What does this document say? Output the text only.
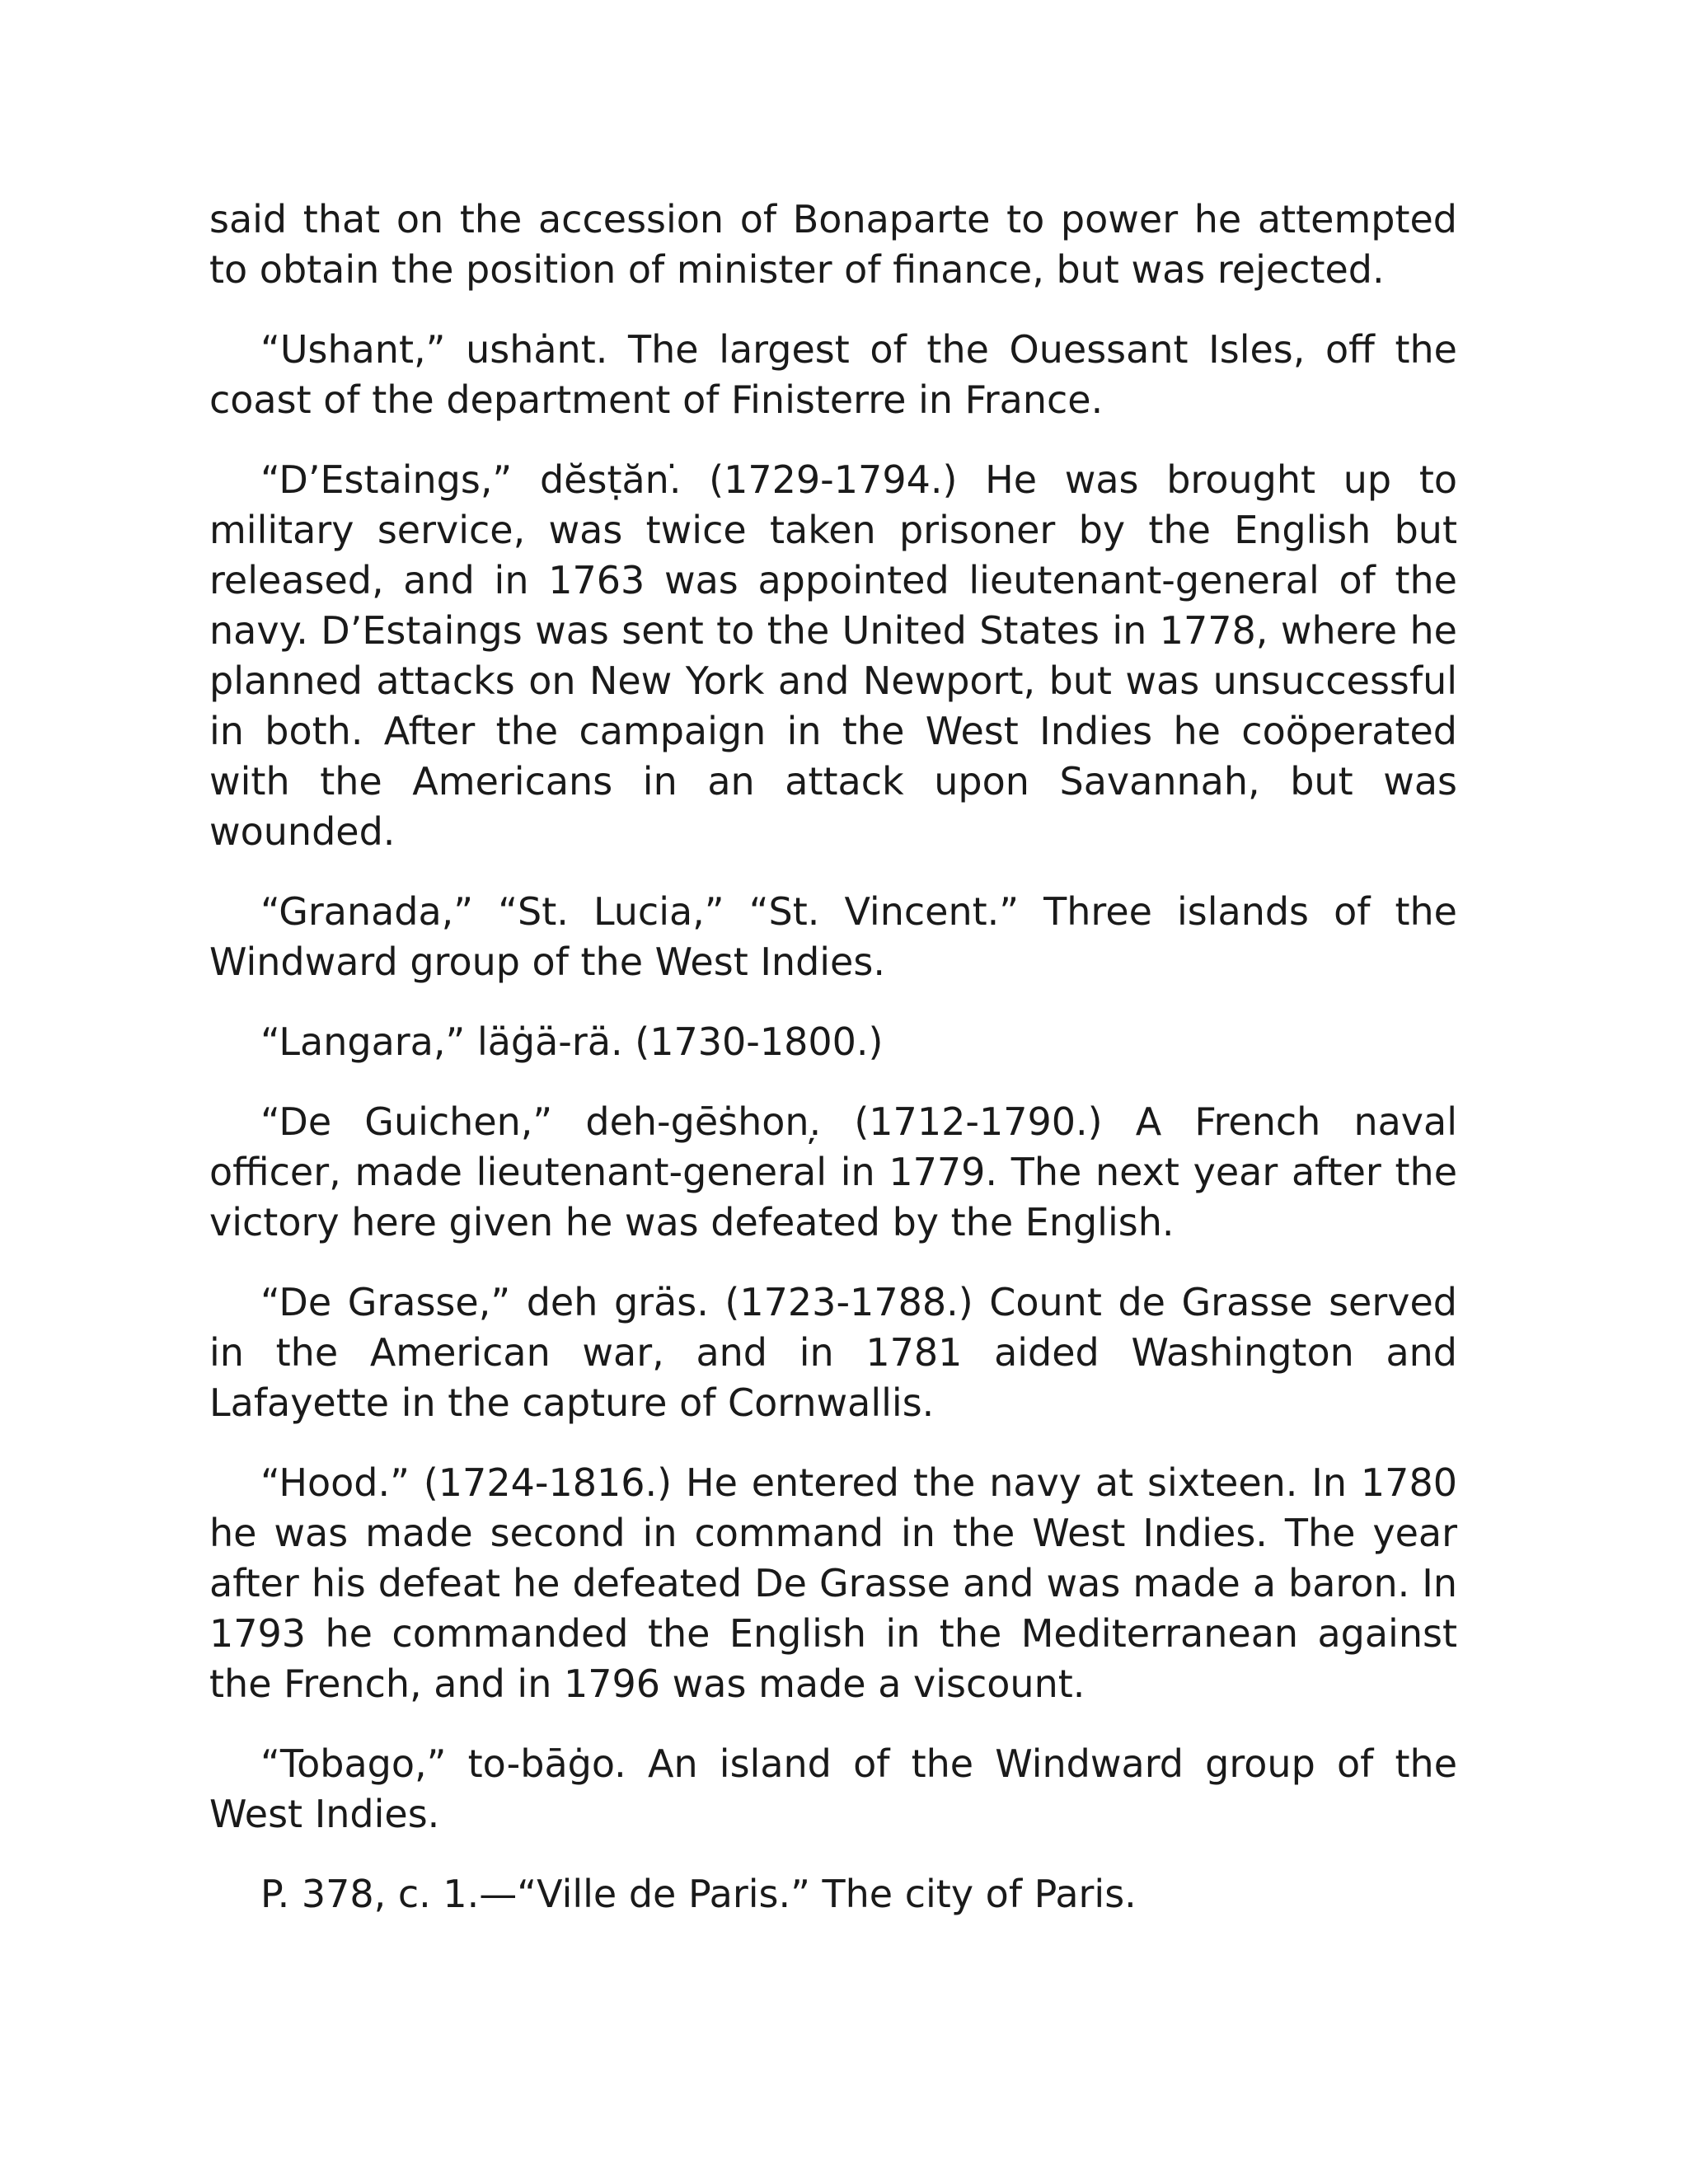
said that on the accession of Bonaparte to power he attempted to obtain the position of minister of finance, but was rejected.

“Ushant,” ushȧnt. The largest of the Ouessant Isles, off the coast of the department of Finisterre in France.

“D’Estaings,” dĕsṭăn.̇ (1729-1794.) He was brought up to military service, was twice taken prisoner by the English but released, and in 1763 was appointed lieutenant-general of the navy. D’Estaings was sent to the United States in 1778, where he planned attacks on New York and Newport, but was unsuccessful in both. After the campaign in the West Indies he coöperated with the Americans in an attack upon Savannah, but was wounded.

“Granada,” “St. Lucia,” “St. Vincent.” Three islands of the Windward group of the West Indies.

“Langara,” läġä-rä. (1730-1800.)

“De Guichen,” deh-gēṡhon.̦ (1712-1790.) A French naval officer, made lieutenant-general in 1779. The next year after the victory here given he was defeated by the English.

“De Grasse,” deh gräs. (1723-1788.) Count de Grasse served in the American war, and in 1781 aided Washington and Lafayette in the capture of Cornwallis.

“Hood.” (1724-1816.) He entered the navy at sixteen. In 1780 he was made second in command in the West Indies. The year after his defeat he defeated De Grasse and was made a baron. In 1793 he commanded the English in the Mediterranean against the French, and in 1796 was made a viscount.

“Tobago,” to-bāġo. An island of the Windward group of the West Indies.

P. 378, c. 1.—“Ville de Paris.” The city of Paris.
